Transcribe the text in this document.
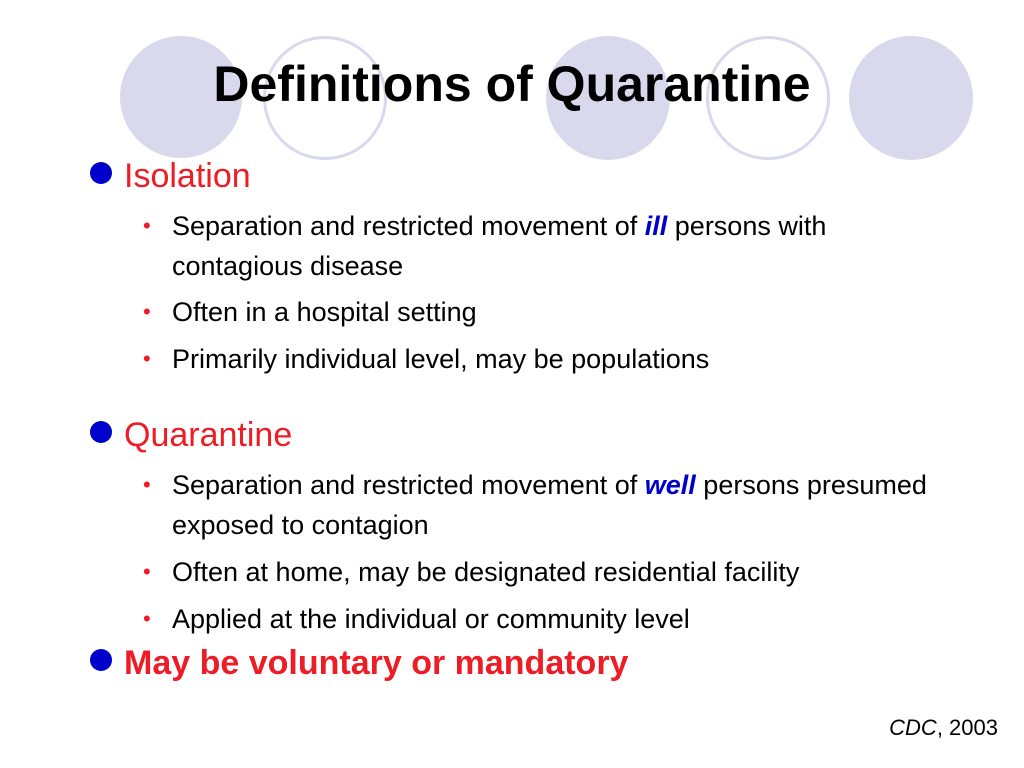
Definitions of Quarantine
Isolation
• Separation and restricted movement of ill persons with contagious disease
• Often in a hospital setting
• Primarily individual level, may be populations
Quarantine
• Separation and restricted movement of well persons presumed exposed to contagion
• Often at home, may be designated residential facility
• Applied at the individual or community level
May be voluntary or mandatory
CDC, 2003
